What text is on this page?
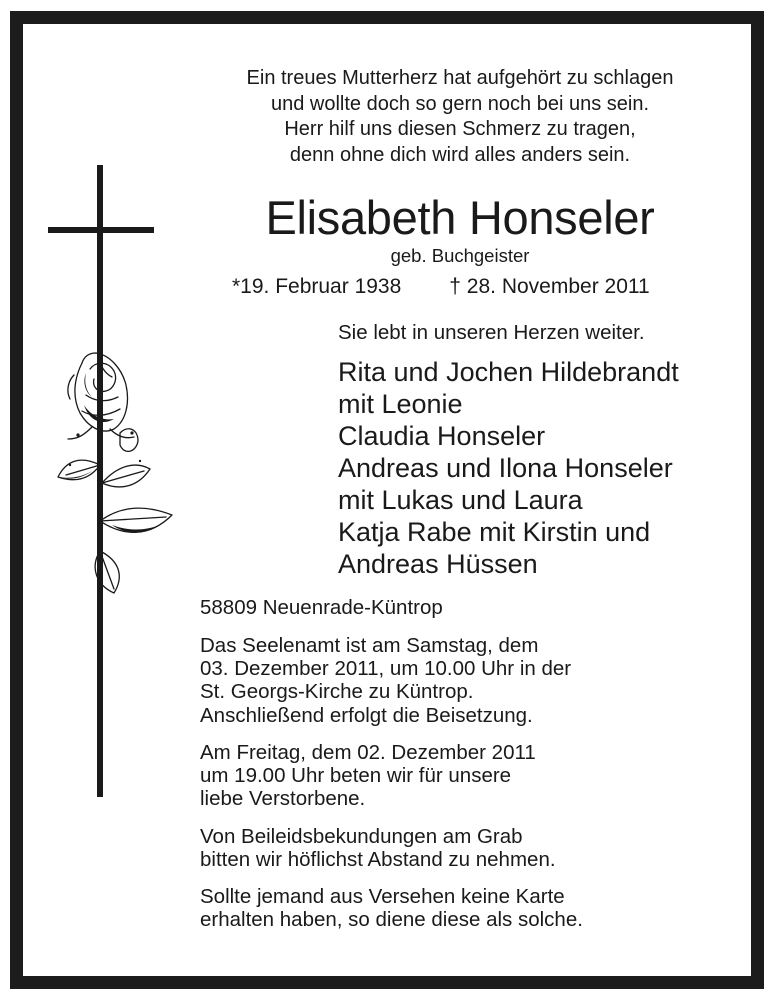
Ein treues Mutterherz hat aufgehört zu schlagen
und wollte doch so gern noch bei uns sein.
Herr hilf uns diesen Schmerz zu tragen,
denn ohne dich wird alles anders sein.
Elisabeth Honseler
geb. Buchgeister
*19. Februar 1938 † 28. November 2011
Sie lebt in unseren Herzen weiter.
Rita und Jochen Hildebrandt
mit Leonie
Claudia Honseler
Andreas und Ilona Honseler
mit Lukas und Laura
Katja Rabe mit Kirstin und
Andreas Hüssen
58809 Neuenrade-Küntrop
Das Seelenamt ist am Samstag, dem
03. Dezember 2011, um 10.00 Uhr in der
St. Georgs-Kirche zu Küntrop.
Anschließend erfolgt die Beisetzung.
Am Freitag, dem 02. Dezember 2011
um 19.00 Uhr beten wir für unsere
liebe Verstorbene.
Von Beileidsbekundungen am Grab
bitten wir höflichst Abstand zu nehmen.
Sollte jemand aus Versehen keine Karte
erhalten haben, so diene diese als solche.
